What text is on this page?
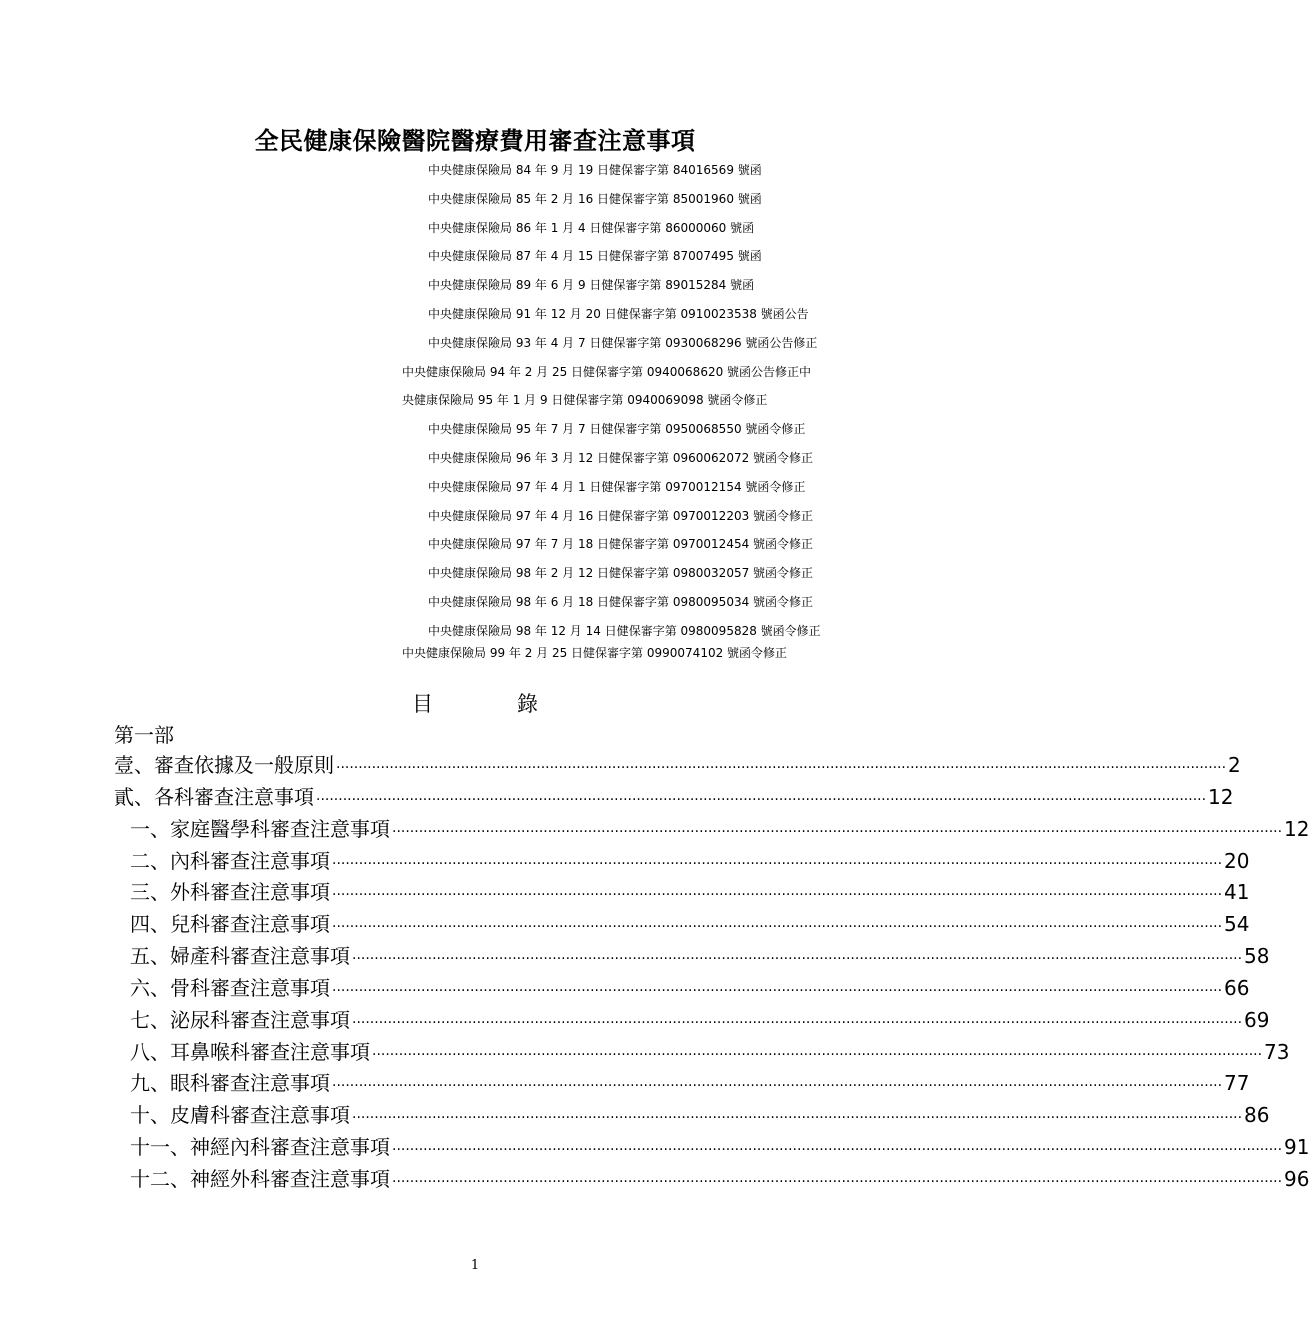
全民健康保險醫院醫療費用審查注意事項
中央健康保險局 84 年 9 月 19 日健保審字第 84016569 號函
中央健康保險局 85 年 2 月 16 日健保審字第 85001960 號函
中央健康保險局 86 年 1 月 4 日健保審字第 86000060 號函
中央健康保險局 87 年 4 月 15 日健保審字第 87007495 號函
中央健康保險局 89 年 6 月 9 日健保審字第 89015284 號函
中央健康保險局 91 年 12 月 20 日健保審字第 0910023538 號函公告
中央健康保險局 93 年 4 月 7 日健保審字第 0930068296 號函公告修正
中央健康保險局 94 年 2 月 25 日健保審字第 0940068620 號函公告修正中
央健康保險局 95 年 1 月 9 日健保審字第 0940069098 號函令修正
中央健康保險局 95 年 7 月 7 日健保審字第 0950068550 號函令修正
中央健康保險局 96 年 3 月 12 日健保審字第 0960062072 號函令修正
中央健康保險局 97 年 4 月 1 日健保審字第 0970012154 號函令修正
中央健康保險局 97 年 4 月 16 日健保審字第 0970012203 號函令修正
中央健康保險局 97 年 7 月 18 日健保審字第 0970012454 號函令修正
中央健康保險局 98 年 2 月 12 日健保審字第 0980032057 號函令修正
中央健康保險局 98 年 6 月 18 日健保審字第 0980095034 號函令修正
中央健康保險局 98 年 12 月 14 日健保審字第 0980095828 號函令修正
中央健康保險局 99 年 2 月 25 日健保審字第 0990074102 號函令修正
目	錄
第一部
壹、審查依據及一般原則 ········································································································································································································ 2
貳、各科審查注意事項 ········································································································································································································ 12
一、家庭醫學科審查注意事項 ········································································································································································································ 12
二、內科審查注意事項 ········································································································································································································ 20
三、外科審查注意事項 ········································································································································································································ 41
四、兒科審查注意事項 ········································································································································································································ 54
五、婦產科審查注意事項 ········································································································································································································ 58
六、骨科審查注意事項 ········································································································································································································ 66
七、泌尿科審查注意事項 ········································································································································································································ 69
八、耳鼻喉科審查注意事項 ········································································································································································································ 73
九、眼科審查注意事項 ········································································································································································································ 77
十、皮膚科審查注意事項 ········································································································································································································ 86
十一、神經內科審查注意事項 ········································································································································································································ 91
十二、神經外科審查注意事項 ········································································································································································································ 96
1
